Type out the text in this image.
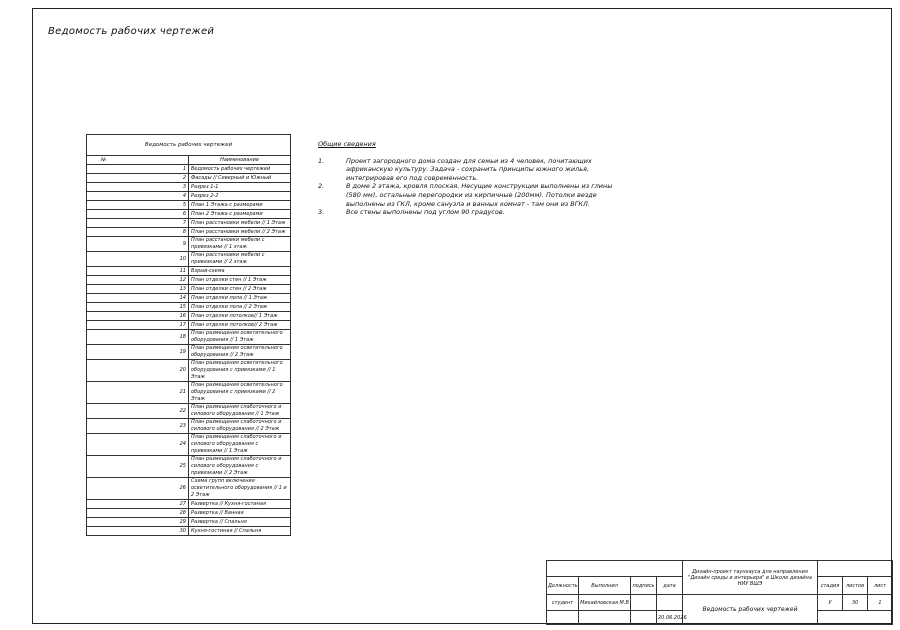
Ведомость рабочих чертежей
Ведомость рабочих чертежей	
№	Наименование
1	Ведомость рабочих чертежей
2	Фасады // Северный и Южный
3	Разрез 1-1
4	Разрез 2-2
5	План 1 Этажа с размерами
6	План 2 Этажа с размерами
7	План расстановки мебели // 1 Этаж
8	План расстановки мебели // 2 Этаж
9	План расстановки мебели с привязками // 1 этаж
10	План расстановки мебели с привязками // 2 этаж
11	Взрыв-схема
12	План отделки стен // 1 Этаж
13	План отделки стен // 2 Этаж
14	План отделки пола // 1 Этаж
15	План отделки пола // 2 Этаж
16	План отделки потолков// 1 Этаж
17	План отделки потолков// 2 Этаж
18	План размещения осветительного оборудования // 1 Этаж
19	План размещения осветительного оборудования // 2 Этаж
20	План размещения осветительного оборудования с привязками // 1 Этаж
21	План размещения осветительного оборудования с привязками // 2 Этаж
22	План размещения слаботочного и силового оборудования // 1 Этаж
23	План размещения слаботочного и силового оборудования // 2 Этаж
24	План размещения слаботочного и силового оборудования с привязками // 1 Этаж
25	План размещения слаботочного и силового оборудования с привязками // 2 Этаж
26	Схема групп включения осветительного оборудования // 1 и 2 Этаж
27	Развертка // Кухня-гостиная
28	Развертка // Ванная
29	Развертка // Спальня
30	Кухня-гостиная // Спальня
Общие сведения
1.	Проект загородного дома создан для семьи из 4 человек, почитающих африканскую культуру. Задача - сохранить принципы южного жилья, интегрировав его под современность.
2.	В доме 2 этажа, кровля плоская. Несущие конструкции выполнены из глины (580 мм), остальные перегородки из кирпичные (200мм). Потолки везде выполнены из ГКЛ, кроме санузла и ванных комнат - там они из ВГКЛ.
3.	Все стены выполнены под углом 90 градусов.
				Дизайн-проект таунхауса для направления "Дизайн среды и интерьера" в Школе дизайна НИУ ВШЭ			
Должность	Выполнил	подпись	дата		стадия	листов	лист
студент	Михайловская М.В			Ведомость рабочих чертежей	У	30	1
			20.06.2026				
